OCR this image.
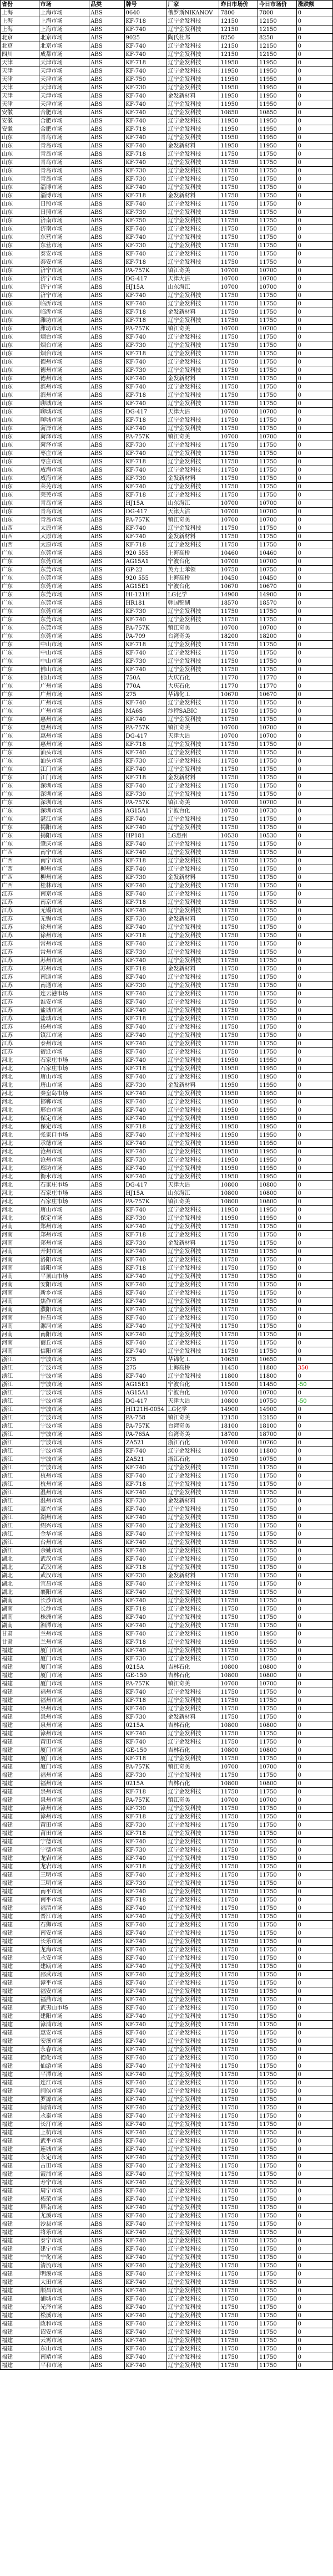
省份	市场	品类	牌号	厂家	昨日市场价	今日市场价	涨跌额
上海	上海市场	ABS	0640	俄罗斯NIKANOV	7800	7800	0
上海	上海市场	ABS	KF-718	辽宁金发科技	12150	12150	0
上海	上海市场	ABS	KF-740	辽宁金发科技	12150	12150	0
北京	北京市场	ABS	9025	陶氏杜邦	8250	8250	0
北京	北京市场	ABS	KF-740	辽宁金发科技	12150	12150	0
四川	成都市场	ABS	KF-740	辽宁金发科技	12150	12150	0
天津	天津市场	ABS	KF-718	辽宁金发科技	11950	11950	0
天津	天津市场	ABS	KF-740	辽宁金发科技	11950	11950	0
天津	天津市场	ABS	KF-750	辽宁金发科技	11950	11950	0
天津	天津市场	ABS	KF-730	辽宁金发科技	11950	11950	0
天津	天津市场	ABS	KF-740	金发新材料	11950	11950	0
天津	天津市场	ABS	KF-740	辽宁金发科技	11950	11950	0
安徽	合肥市场	ABS	KF-740	辽宁金发科技	10850	10850	0
安徽	合肥市场	ABS	KF-740	辽宁金发科技	11950	11950	0
安徽	合肥市场	ABS	KF-718	辽宁金发科技	11950	11950	0
山东	青岛市场	ABS	KF-740	辽宁金发科技	11950	11950	0
山东	青岛市场	ABS	KF-740	金发新材料	11950	11950	0
山东	青岛市场	ABS	KF-718	辽宁金发科技	11750	11750	0
山东	青岛市场	ABS	KF-740	辽宁金发科技	11750	11750	0
山东	青岛市场	ABS	KF-730	辽宁金发科技	11750	11750	0
山东	青岛市场	ABS	KF-730	辽宁金发科技	11750	11750	0
山东	淄博市场	ABS	KF-740	辽宁金发科技	11750	11750	0
山东	淄博市场	ABS	KF-718	金发新材料	11750	11750	0
山东	日照市场	ABS	KF-740	辽宁金发科技	11750	11750	0
山东	日照市场	ABS	KF-730	辽宁金发科技	11750	11750	0
山东	济南市场	ABS	KF-750	辽宁金发科技	11750	11750	0
山东	济南市场	ABS	KF-740	辽宁金发科技	11750	11750	0
山东	东营市场	ABS	KF-740	辽宁金发科技	11750	11750	0
山东	东营市场	ABS	KF-730	辽宁金发科技	11750	11750	0
山东	泰安市场	ABS	KF-740	辽宁金发科技	11750	11750	0
山东	泰安市场	ABS	KF-718	辽宁金发科技	11750	11750	0
山东	济宁市场	ABS	PA-757K	镇江奇美	10700	10700	0
山东	济宁市场	ABS	DG-417	天津大沽	10700	10700	0
山东	济宁市场	ABS	HJ15A	山东海江	10700	10700	0
山东	济宁市场	ABS	KF-740	辽宁金发科技	11750	11750	0
山东	临沂市场	ABS	KF-740	辽宁金发科技	11750	11750	0
山东	临沂市场	ABS	KF-718	金发新材料	11750	11750	0
山东	潍坊市场	ABS	KF-718	辽宁金发科技	11750	11750	0
山东	潍坊市场	ABS	PA-757K	镇江奇美	10700	10700	0
山东	烟台市场	ABS	KF-740	辽宁金发科技	11750	11750	0
山东	烟台市场	ABS	KF-730	辽宁金发科技	11750	11750	0
山东	烟台市场	ABS	KF-718	辽宁金发科技	11750	11750	0
山东	德州市场	ABS	KF-740	辽宁金发科技	11750	11750	0
山东	德州市场	ABS	KF-730	辽宁金发科技	11750	11750	0
山东	德州市场	ABS	KF-740	金发新材料	11750	11750	0
山东	滨州市场	ABS	KF-740	辽宁金发科技	11750	11750	0
山东	滨州市场	ABS	KF-718	辽宁金发科技	11750	11750	0
山东	聊城市场	ABS	KF-740	辽宁金发科技	11750	11750	0
山东	聊城市场	ABS	DG-417	天津大沽	10700	10700	0
山东	聊城市场	ABS	KF-718	辽宁金发科技	11750	11750	0
山东	菏泽市场	ABS	KF-740	辽宁金发科技	11750	11750	0
山东	菏泽市场	ABS	PA-757K	镇江奇美	10700	10700	0
山东	菏泽市场	ABS	KF-730	辽宁金发科技	11750	11750	0
山东	枣庄市场	ABS	KF-740	辽宁金发科技	11750	11750	0
山东	枣庄市场	ABS	KF-718	辽宁金发科技	11750	11750	0
山东	威海市场	ABS	KF-740	辽宁金发科技	11750	11750	0
山东	威海市场	ABS	KF-730	金发新材料	11750	11750	0
山东	莱芜市场	ABS	KF-740	辽宁金发科技	11750	11750	0
山东	莱芜市场	ABS	KF-718	辽宁金发科技	11750	11750	0
山东	青岛市场	ABS	HJ15A	山东海江	10700	10700	0
山东	青岛市场	ABS	DG-417	天津大沽	10700	10700	0
山东	青岛市场	ABS	PA-757K	镇江奇美	10700	10700	0
山西	太原市场	ABS	KF-740	辽宁金发科技	11750	11750	0
山西	太原市场	ABS	KF-740	金发新材料	11750	11750	0
山西	太原市场	ABS	KF-718	辽宁金发科技	11750	11750	0
广东	东莞市场	ABS	920 555	上海高桥	10460	10460	0
广东	东莞市场	ABS	AG15A1	宁波台化	10700	10700	0
广东	东莞市场	ABS	GP-22	英力士苯领	10750	10750	0
广东	东莞市场	ABS	920 555	上海高桥	10450	10450	0
广东	东莞市场	ABS	AG15E1	宁波台化	10670	10670	0
广东	东莞市场	ABS	HI-121H	LG化学	14900	14900	0
广东	东莞市场	ABS	HR181	韩国锦湖	18570	18570	0
广东	东莞市场	ABS	KF-730	辽宁金发科技	11750	11750	0
广东	东莞市场	ABS	KF-740	辽宁金发科技	11750	11750	0
广东	东莞市场	ABS	PA-757K	镇江奇美	10700	10700	0
广东	东莞市场	ABS	PA-709	台湾奇美	18200	18200	0
广东	中山市场	ABS	KF-718	辽宁金发科技	11750	11750	0
广东	中山市场	ABS	KF-740	辽宁金发科技	11750	11750	0
广东	中山市场	ABS	KF-730	辽宁金发科技	11750	11750	0
广东	佛山市场	ABS	KF-740	辽宁金发科技	11750	11750	0
广东	佛山市场	ABS	750A	大庆石化	11770	11770	0
广东	广州市场	ABS	770A	大庆石化	11770	11770	0
广东	广州市场	ABS	275	华锦化工	10670	10670	0
广东	广州市场	ABS	KF-740	辽宁金发科技	11750	11750	0
广东	广州市场	ABS	MA6S	沙特SABIC	11750	11750	0
广东	惠州市场	ABS	KF-740	辽宁金发科技	11750	11750	0
广东	惠州市场	ABS	PA-757K	镇江奇美	10700	10700	0
广东	惠州市场	ABS	DG-417	天津大沽	10700	10700	0
广东	惠州市场	ABS	KF-718	辽宁金发科技	11750	11750	0
广东	汕头市场	ABS	KF-740	辽宁金发科技	11750	11750	0
广东	汕头市场	ABS	KF-730	辽宁金发科技	11750	11750	0
广东	江门市场	ABS	KF-740	辽宁金发科技	11750	11750	0
广东	江门市场	ABS	KF-718	金发新材料	11750	11750	0
广东	深圳市场	ABS	KF-740	辽宁金发科技	11750	11750	0
广东	深圳市场	ABS	KF-730	辽宁金发科技	11750	11750	0
广东	深圳市场	ABS	PA-757K	镇江奇美	10700	10700	0
广东	深圳市场	ABS	AG15A1	宁波台化	10730	10730	0
广东	湛江市场	ABS	KF-740	辽宁金发科技	11750	11750	0
广东	揭阳市场	ABS	KF-740	辽宁金发科技	11750	11750	0
广东	揭阳市场	ABS	HP181	LG惠州	10530	10530	0
广东	肇庆市场	ABS	KF-740	辽宁金发科技	11750	11750	0
广西	南宁市场	ABS	KF-740	辽宁金发科技	11750	11750	0
广西	南宁市场	ABS	KF-718	辽宁金发科技	11750	11750	0
广西	柳州市场	ABS	KF-740	辽宁金发科技	11750	11750	0
广西	柳州市场	ABS	KF-730	金发新材料	11750	11750	0
广西	桂林市场	ABS	KF-740	辽宁金发科技	11750	11750	0
江苏	南京市场	ABS	KF-740	辽宁金发科技	11750	11750	0
江苏	南京市场	ABS	KF-718	辽宁金发科技	11750	11750	0
江苏	无锡市场	ABS	KF-740	辽宁金发科技	11750	11750	0
江苏	无锡市场	ABS	KF-730	金发新材料	11750	11750	0
江苏	徐州市场	ABS	KF-740	辽宁金发科技	11750	11750	0
江苏	徐州市场	ABS	KF-718	辽宁金发科技	11750	11750	0
江苏	常州市场	ABS	KF-740	辽宁金发科技	11750	11750	0
江苏	常州市场	ABS	KF-730	辽宁金发科技	11750	11750	0
江苏	苏州市场	ABS	KF-740	辽宁金发科技	11750	11750	0
江苏	苏州市场	ABS	KF-718	金发新材料	11750	11750	0
江苏	南通市场	ABS	KF-740	辽宁金发科技	11750	11750	0
江苏	南通市场	ABS	KF-730	辽宁金发科技	11750	11750	0
江苏	连云港市场	ABS	KF-740	辽宁金发科技	11750	11750	0
江苏	淮安市场	ABS	KF-740	辽宁金发科技	11750	11750	0
江苏	盐城市场	ABS	KF-740	辽宁金发科技	11750	11750	0
江苏	盐城市场	ABS	KF-718	辽宁金发科技	11750	11750	0
江苏	扬州市场	ABS	KF-740	辽宁金发科技	11750	11750	0
江苏	镇江市场	ABS	KF-740	辽宁金发科技	11750	11750	0
江苏	泰州市场	ABS	KF-740	辽宁金发科技	11750	11750	0
江苏	宿迁市场	ABS	KF-740	辽宁金发科技	11750	11750	0
河北	石家庄市场	ABS	KF-740	辽宁金发科技	11950	11950	0
河北	石家庄市场	ABS	KF-718	辽宁金发科技	11950	11950	0
河北	唐山市场	ABS	KF-740	辽宁金发科技	11950	11950	0
河北	唐山市场	ABS	KF-730	金发新材料	11950	11950	0
河北	秦皇岛市场	ABS	KF-740	辽宁金发科技	11950	11950	0
河北	邯郸市场	ABS	KF-740	辽宁金发科技	11950	11950	0
河北	邢台市场	ABS	KF-740	辽宁金发科技	11950	11950	0
河北	保定市场	ABS	KF-740	辽宁金发科技	11950	11950	0
河北	保定市场	ABS	KF-718	辽宁金发科技	11950	11950	0
河北	张家口市场	ABS	KF-740	辽宁金发科技	11950	11950	0
河北	承德市场	ABS	KF-740	辽宁金发科技	11950	11950	0
河北	沧州市场	ABS	KF-740	辽宁金发科技	11950	11950	0
河北	沧州市场	ABS	KF-730	辽宁金发科技	11950	11950	0
河北	廊坊市场	ABS	KF-740	辽宁金发科技	11950	11950	0
河北	衡水市场	ABS	KF-740	辽宁金发科技	11950	11950	0
河北	石家庄市场	ABS	DG-417	天津大沽	10800	10800	0
河北	石家庄市场	ABS	HJ15A	山东海江	10800	10800	0
河北	石家庄市场	ABS	PA-757K	镇江奇美	10800	10800	0
河北	唐山市场	ABS	KF-740	辽宁金发科技	11950	11950	0
河北	保定市场	ABS	KF-730	辽宁金发科技	11950	11950	0
河南	郑州市场	ABS	KF-740	辽宁金发科技	11750	11750	0
河南	郑州市场	ABS	KF-718	辽宁金发科技	11750	11750	0
河南	郑州市场	ABS	KF-730	金发新材料	11750	11750	0
河南	开封市场	ABS	KF-740	辽宁金发科技	11750	11750	0
河南	洛阳市场	ABS	KF-740	辽宁金发科技	11750	11750	0
河南	洛阳市场	ABS	KF-718	辽宁金发科技	11750	11750	0
河南	平顶山市场	ABS	KF-740	辽宁金发科技	11750	11750	0
河南	安阳市场	ABS	KF-740	辽宁金发科技	11750	11750	0
河南	新乡市场	ABS	KF-740	辽宁金发科技	11750	11750	0
河南	焦作市场	ABS	KF-740	辽宁金发科技	11750	11750	0
河南	濮阳市场	ABS	KF-740	辽宁金发科技	11750	11750	0
河南	许昌市场	ABS	KF-740	辽宁金发科技	11750	11750	0
河南	漯河市场	ABS	KF-740	辽宁金发科技	11750	11750	0
河南	南阳市场	ABS	KF-740	辽宁金发科技	11750	11750	0
河南	商丘市场	ABS	KF-740	辽宁金发科技	11750	11750	0
河南	信阳市场	ABS	KF-740	辽宁金发科技	11750	11750	0
浙江	宁波市场	ABS	275	华锦化工	10650	10650	0
浙江	宁波市场	ABS	275	上海高桥	11450	11800	350
浙江	宁波市场	ABS	KF-740	辽宁金发科技	11800	11800	0
浙江	宁波市场	ABS	AG15E1	宁波台化	11500	11450	-50
浙江	宁波市场	ABS	AG15A1	宁波台化	10700	10700	0
浙江	宁波市场	ABS	DG-417	天津大沽	10800	10750	-50
浙江	宁波市场	ABS	HI121H-0054	LG化学	14900	14900	0
浙江	宁波市场	ABS	PA-758	镇江奇美	12150	12150	0
浙江	宁波市场	ABS	PA-757K	台湾奇美	18100	18100	0
浙江	宁波市场	ABS	PA-765A	台湾奇美	18700	18700	0
浙江	宁波市场	ABS	ZA521	浙江石化	10760	10760	0
浙江	宁波市场	ABS	KF-740	辽宁金发科技	11800	11800	0
浙江	宁波市场	ABS	ZA521	浙江石化	10750	10750	0
浙江	宁波市场	ABS	KF-740	辽宁金发科技	11750	11750	0
浙江	杭州市场	ABS	KF-740	辽宁金发科技	11750	11750	0
浙江	杭州市场	ABS	KF-718	辽宁金发科技	11750	11750	0
浙江	温州市场	ABS	KF-740	辽宁金发科技	11750	11750	0
浙江	温州市场	ABS	KF-730	金发新材料	11750	11750	0
浙江	嘉兴市场	ABS	KF-740	辽宁金发科技	11750	11750	0
浙江	湖州市场	ABS	KF-740	辽宁金发科技	11750	11750	0
浙江	绍兴市场	ABS	KF-740	辽宁金发科技	11750	11750	0
浙江	金华市场	ABS	KF-740	辽宁金发科技	11750	11750	0
浙江	台州市场	ABS	KF-740	辽宁金发科技	11750	11750	0
浙江	余姚市场	ABS	KF-740	辽宁金发科技	11750	11750	0
湖北	武汉市场	ABS	KF-740	辽宁金发科技	11750	11750	0
湖北	武汉市场	ABS	KF-718	辽宁金发科技	11750	11750	0
湖北	武汉市场	ABS	KF-730	金发新材料	11750	11750	0
湖北	宜昌市场	ABS	KF-740	辽宁金发科技	11750	11750	0
湖北	襄阳市场	ABS	KF-740	辽宁金发科技	11750	11750	0
湖南	长沙市场	ABS	KF-740	辽宁金发科技	11750	11750	0
湖南	长沙市场	ABS	KF-718	辽宁金发科技	11750	11750	0
湖南	株洲市场	ABS	KF-740	辽宁金发科技	11750	11750	0
湖南	湘潭市场	ABS	KF-740	辽宁金发科技	11750	11750	0
甘肃	兰州市场	ABS	KF-740	辽宁金发科技	11950	11950	0
甘肃	兰州市场	ABS	KF-718	辽宁金发科技	11950	11950	0
福建	厦门市场	ABS	KF-740	辽宁金发科技	11750	11750	0
福建	厦门市场	ABS	KF-730	辽宁金发科技	11750	11750	0
福建	厦门市场	ABS	0215A	吉林石化	10800	10800	0
福建	厦门市场	ABS	GE-150	吉林石化	10800	10800	0
福建	厦门市场	ABS	PA-757K	镇江奇美	10700	10700	0
福建	福州市场	ABS	KF-740	辽宁金发科技	11750	11750	0
福建	福州市场	ABS	KF-718	辽宁金发科技	11750	11750	0
福建	泉州市场	ABS	KF-740	辽宁金发科技	11750	11750	0
福建	泉州市场	ABS	KF-730	金发新材料	11750	11750	0
福建	泉州市场	ABS	0215A	吉林石化	10800	10800	0
福建	漳州市场	ABS	KF-740	辽宁金发科技	11750	11750	0
福建	莆田市场	ABS	KF-740	辽宁金发科技	11750	11750	0
福建	厦门市场	ABS	GE-150	吉林石化	10800	10800	0
福建	厦门市场	ABS	KF-718	辽宁金发科技	11750	11750	0
福建	厦门市场	ABS	PA-757K	镇江奇美	10700	10700	0
福建	福州市场	ABS	KF-730	辽宁金发科技	11750	11750	0
福建	福州市场	ABS	0215A	吉林石化	10800	10800	0
福建	泉州市场	ABS	KF-718	辽宁金发科技	11750	11750	0
福建	泉州市场	ABS	PA-757K	镇江奇美	10700	10700	0
福建	漳州市场	ABS	KF-730	辽宁金发科技	11750	11750	0
福建	漳州市场	ABS	KF-718	辽宁金发科技	11750	11750	0
福建	莆田市场	ABS	KF-730	辽宁金发科技	11750	11750	0
福建	莆田市场	ABS	KF-718	辽宁金发科技	11750	11750	0
福建	宁德市场	ABS	KF-740	辽宁金发科技	11750	11750	0
福建	宁德市场	ABS	KF-730	辽宁金发科技	11750	11750	0
福建	龙岩市场	ABS	KF-740	辽宁金发科技	11750	11750	0
福建	龙岩市场	ABS	KF-718	辽宁金发科技	11750	11750	0
福建	三明市场	ABS	KF-740	辽宁金发科技	11750	11750	0
福建	三明市场	ABS	KF-730	辽宁金发科技	11750	11750	0
福建	南平市场	ABS	KF-740	辽宁金发科技	11750	11750	0
福建	南平市场	ABS	KF-718	辽宁金发科技	11750	11750	0
福建	福清市场	ABS	KF-740	辽宁金发科技	11750	11750	0
福建	晋江市场	ABS	KF-740	辽宁金发科技	11750	11750	0
福建	石狮市场	ABS	KF-740	辽宁金发科技	11750	11750	0
福建	南安市场	ABS	KF-740	辽宁金发科技	11750	11750	0
福建	长乐市场	ABS	KF-740	辽宁金发科技	11750	11750	0
福建	龙海市场	ABS	KF-740	辽宁金发科技	11750	11750	0
福建	永安市场	ABS	KF-740	辽宁金发科技	11750	11750	0
福建	建瓯市场	ABS	KF-740	辽宁金发科技	11750	11750	0
福建	邵武市场	ABS	KF-740	辽宁金发科技	11750	11750	0
福建	漳平市场	ABS	KF-740	辽宁金发科技	11750	11750	0
福建	福安市场	ABS	KF-740	辽宁金发科技	11750	11750	0
福建	福鼎市场	ABS	KF-740	辽宁金发科技	11750	11750	0
福建	武夷山市场	ABS	KF-740	辽宁金发科技	11750	11750	0
福建	建阳市场	ABS	KF-740	辽宁金发科技	11750	11750	0
福建	漳浦市场	ABS	KF-740	辽宁金发科技	11750	11750	0
福建	惠安市场	ABS	KF-740	辽宁金发科技	11750	11750	0
福建	安溪市场	ABS	KF-740	辽宁金发科技	11750	11750	0
福建	永春市场	ABS	KF-740	辽宁金发科技	11750	11750	0
福建	德化市场	ABS	KF-740	辽宁金发科技	11750	11750	0
福建	仙游市场	ABS	KF-740	辽宁金发科技	11750	11750	0
福建	平潭市场	ABS	KF-740	辽宁金发科技	11750	11750	0
福建	连江市场	ABS	KF-740	辽宁金发科技	11750	11750	0
福建	闽侯市场	ABS	KF-740	辽宁金发科技	11750	11750	0
福建	罗源市场	ABS	KF-740	辽宁金发科技	11750	11750	0
福建	闽清市场	ABS	KF-740	辽宁金发科技	11750	11750	0
福建	永泰市场	ABS	KF-740	辽宁金发科技	11750	11750	0
福建	长汀市场	ABS	KF-740	辽宁金发科技	11750	11750	0
福建	上杭市场	ABS	KF-740	辽宁金发科技	11750	11750	0
福建	武平市场	ABS	KF-740	辽宁金发科技	11750	11750	0
福建	连城市场	ABS	KF-740	辽宁金发科技	11750	11750	0
福建	永定市场	ABS	KF-740	辽宁金发科技	11750	11750	0
福建	古田市场	ABS	KF-740	辽宁金发科技	11750	11750	0
福建	霞浦市场	ABS	KF-740	辽宁金发科技	11750	11750	0
福建	寿宁市场	ABS	KF-740	辽宁金发科技	11750	11750	0
福建	周宁市场	ABS	KF-740	辽宁金发科技	11750	11750	0
福建	柘荣市场	ABS	KF-740	辽宁金发科技	11750	11750	0
福建	屏南市场	ABS	KF-740	辽宁金发科技	11750	11750	0
福建	尤溪市场	ABS	KF-740	辽宁金发科技	11750	11750	0
福建	沙县市场	ABS	KF-740	辽宁金发科技	11750	11750	0
福建	将乐市场	ABS	KF-740	辽宁金发科技	11750	11750	0
福建	泰宁市场	ABS	KF-740	辽宁金发科技	11750	11750	0
福建	建宁市场	ABS	KF-740	辽宁金发科技	11750	11750	0
福建	宁化市场	ABS	KF-740	辽宁金发科技	11750	11750	0
福建	清流市场	ABS	KF-740	辽宁金发科技	11750	11750	0
福建	明溪市场	ABS	KF-740	辽宁金发科技	11750	11750	0
福建	大田市场	ABS	KF-740	辽宁金发科技	11750	11750	0
福建	顺昌市场	ABS	KF-740	辽宁金发科技	11750	11750	0
福建	浦城市场	ABS	KF-740	辽宁金发科技	11750	11750	0
福建	光泽市场	ABS	KF-740	辽宁金发科技	11750	11750	0
福建	松溪市场	ABS	KF-740	辽宁金发科技	11750	11750	0
福建	政和市场	ABS	KF-740	辽宁金发科技	11750	11750	0
福建	诏安市场	ABS	KF-740	辽宁金发科技	11750	11750	0
福建	云霄市场	ABS	KF-740	辽宁金发科技	11750	11750	0
福建	东山市场	ABS	KF-740	辽宁金发科技	11750	11750	0
福建	南靖市场	ABS	KF-740	辽宁金发科技	11750	11750	0
福建	平和市场	ABS	KF-740	辽宁金发科技	11750	11750	0
